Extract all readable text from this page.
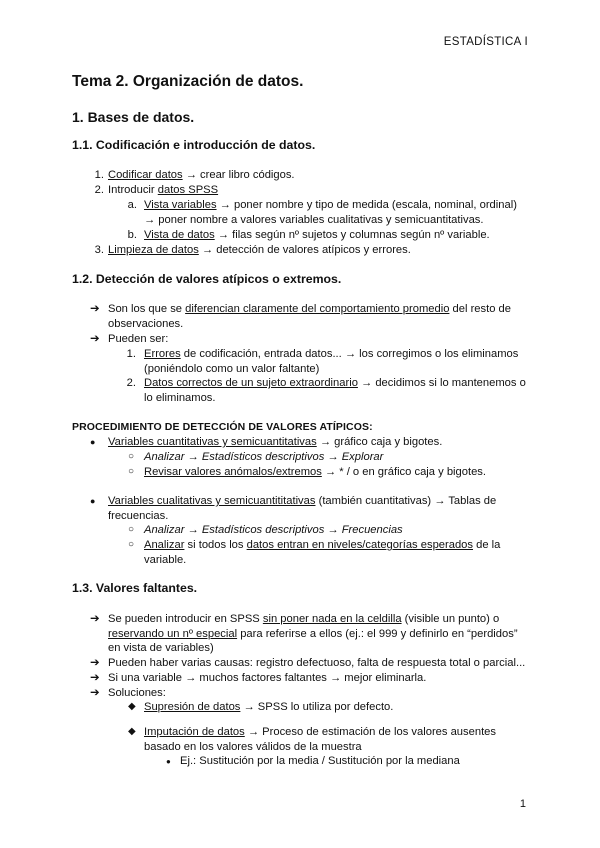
ESTADÍSTICA I
Tema 2. Organización de datos.
1. Bases de datos.
1.1. Codificación e introducción de datos.
1. Codificar datos → crear libro códigos.
2. Introducir datos SPSS
a. Vista variables → poner nombre y tipo de medida (escala, nominal, ordinal)
→ poner nombre a valores variables cualitativas y semicuantitativas.
b. Vista de datos → filas según nº sujetos y columnas según nº variable.
3. Limpieza de datos → detección de valores atípicos y errores.
1.2. Detección de valores atípicos o extremos.
➔ Son los que se diferencian claramente del comportamiento promedio del resto de
observaciones.
➔ Pueden ser:
1. Errores de codificación, entrada datos... → los corregimos o los eliminamos
(poniéndolo como un valor faltante)
2. Datos correctos de un sujeto extraordinario → decidimos si lo mantenemos o
lo eliminamos.
PROCEDIMIENTO DE DETECCIÓN DE VALORES ATÍPICOS:
● Variables cuantitativas y semicuantitativas → gráfico caja y bigotes.
○ Analizar → Estadísticos descriptivos → Explorar
○ Revisar valores anómalos/extremos → * / o en gráfico caja y bigotes.
● Variables cualitativas y semicuantititativas (también cuantitativas) → Tablas de
frecuencias.
○ Analizar → Estadísticos descriptivos → Frecuencias
○ Analizar si todos los datos entran en niveles/categorías esperados de la
variable.
1.3. Valores faltantes.
➔ Se pueden introducir en SPSS sin poner nada en la celdilla (visible un punto) o
reservando un nº especial para referirse a ellos (ej.: el 999 y definirlo en “perdidos”
en vista de variables)
➔ Pueden haber varias causas: registro defectuoso, falta de respuesta total o parcial...
➔ Si una variable → muchos factores faltantes → mejor eliminarla.
➔ Soluciones:
◆ Supresión de datos → SPSS lo utiliza por defecto.
◆ Imputación de datos → Proceso de estimación de los valores ausentes
basado en los valores válidos de la muestra
● Ej.: Sustitución por la media / Sustitución por la mediana
1
